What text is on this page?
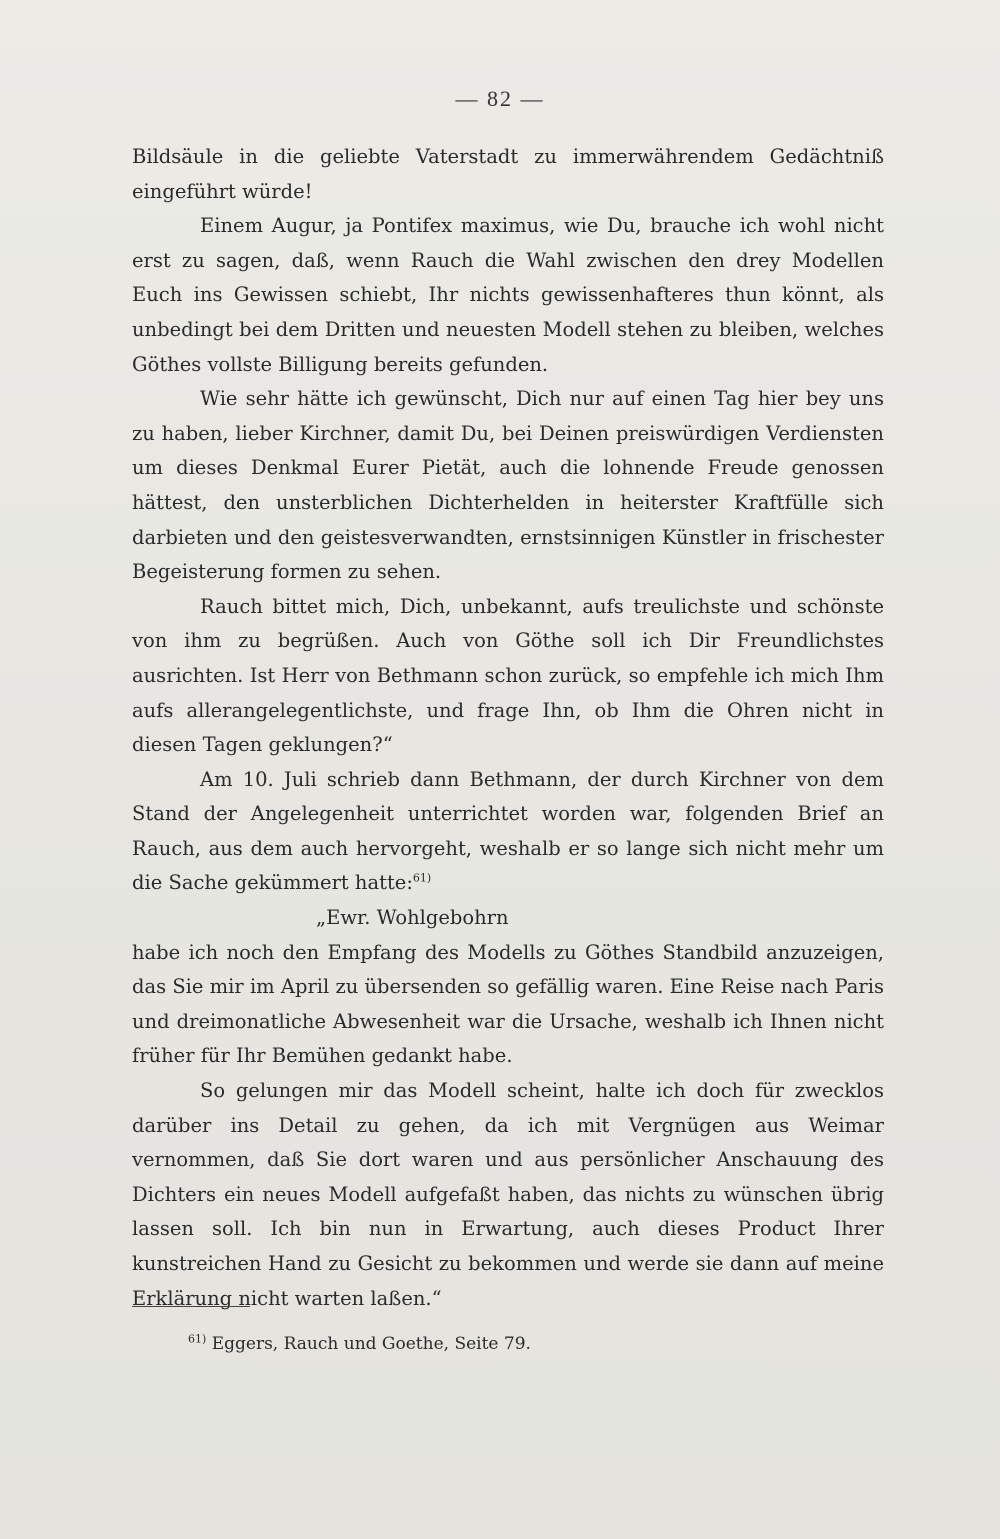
— 82 —

Bildsäule in die geliebte Vaterstadt zu immerwährendem Gedächtniß eingeführt würde!

Einem Augur, ja Pontifex maximus, wie Du, brauche ich wohl nicht erst zu sagen, daß, wenn Rauch die Wahl zwischen den drey Modellen Euch ins Gewissen schiebt, Ihr nichts gewissenhafteres thun könnt, als unbedingt bei dem Dritten und neuesten Modell stehen zu bleiben, welches Göthes vollste Billigung bereits gefunden.

Wie sehr hätte ich gewünscht, Dich nur auf einen Tag hier bey uns zu haben, lieber Kirchner, damit Du, bei Deinen preiswürdigen Verdiensten um dieses Denkmal Eurer Pietät, auch die lohnende Freude genossen hättest, den unsterblichen Dichterhelden in heiterster Kraftfülle sich darbieten und den geistesverwandten, ernstsinnigen Künstler in frischester Begeisterung formen zu sehen.

Rauch bittet mich, Dich, unbekannt, aufs treulichste und schönste von ihm zu begrüßen. Auch von Göthe soll ich Dir Freundlichstes ausrichten. Ist Herr von Bethmann schon zurück, so empfehle ich mich Ihm aufs allerangelegentlichste, und frage Ihn, ob Ihm die Ohren nicht in diesen Tagen geklungen?“

Am 10. Juli schrieb dann Bethmann, der durch Kirchner von dem Stand der Angelegenheit unterrichtet worden war, folgenden Brief an Rauch, aus dem auch hervorgeht, weshalb er so lange sich nicht mehr um die Sache gekümmert hatte:$^{61)}$

„Ewr. Wohlgebohrn

habe ich noch den Empfang des Modells zu Göthes Standbild anzuzeigen, das Sie mir im April zu übersenden so gefällig waren. Eine Reise nach Paris und dreimonatliche Abwesenheit war die Ursache, weshalb ich Ihnen nicht früher für Ihr Bemühen gedankt habe.

So gelungen mir das Modell scheint, halte ich doch für zwecklos darüber ins Detail zu gehen, da ich mit Vergnügen aus Weimar vernommen, daß Sie dort waren und aus persönlicher Anschauung des Dichters ein neues Modell aufgefaßt haben, das nichts zu wünschen übrig lassen soll. Ich bin nun in Erwartung, auch dieses Product Ihrer kunstreichen Hand zu Gesicht zu bekommen und werde sie dann auf meine Erklärung nicht warten laßen.“

$^{61)}$ Eggers, Rauch und Goethe, Seite 79.
